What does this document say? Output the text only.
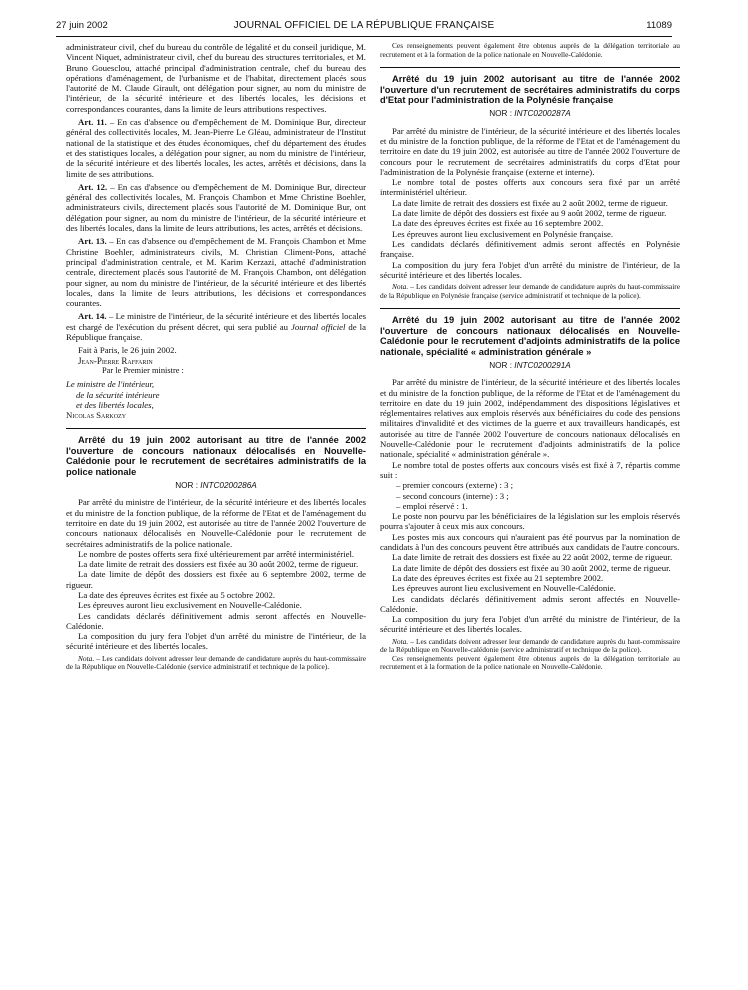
27 juin 2002	JOURNAL OFFICIEL DE LA RÉPUBLIQUE FRANÇAISE	11089

administrateur civil, chef du bureau du contrôle de légalité et du conseil juridique, M. Vincent Niquet, administrateur civil, chef du bureau des structures territoriales, et M. Bruno Gouesclou, attaché principal d'administration centrale, chef du bureau des opérations d'aménagement, de l'urbanisme et de l'habitat, directement placés sous l'autorité de M. Claude Girault, ont délégation pour signer, au nom du ministre de l'intérieur, de la sécurité intérieure et des libertés locales, les décisions et correspondances courantes, dans la limite de leurs attributions respectives.

Art. 11. – En cas d'absence ou d'empêchement de M. Dominique Bur, directeur général des collectivités locales, M. Jean-Pierre Le Gléau, administrateur de l'Institut national de la statistique et des études économiques, chef du département des études et des statistiques locales, a délégation pour signer, au nom du ministre de l'intérieur, de la sécurité intérieure et des libertés locales, les actes, arrêtés et décisions, dans la limite de ses attributions.

Art. 12. – En cas d'absence ou d'empêchement de M. Dominique Bur, directeur général des collectivités locales, M. François Chambon et Mme Christine Boehler, administrateurs civils, directement placés sous l'autorité de M. Dominique Bur, ont délégation pour signer, au nom du ministre de l'intérieur, de la sécurité intérieure et des libertés locales, dans la limite de leurs attributions, les actes, arrêtés et décisions.

Art. 13. – En cas d'absence ou d'empêchement de M. François Chambon et Mme Christine Boehler, administrateurs civils, M. Christian Climent-Pons, attaché principal d'administration centrale, et M. Karim Kerzazi, attaché d'administration centrale, directement placés sous l'autorité de M. François Chambon, ont délégation pour signer, au nom du ministre de l'intérieur, de la sécurité intérieure et des libertés locales, dans la limite de leurs attributions, les décisions et correspondances courantes.

Art. 14. – Le ministre de l'intérieur, de la sécurité intérieure et des libertés locales est chargé de l'exécution du présent décret, qui sera publié au Journal officiel de la République française.

Fait à Paris, le 26 juin 2002.

Jean-Pierre Raffarin

Par le Premier ministre :

Le ministre de l'intérieur,
de la sécurité intérieure
et des libertés locales,
Nicolas Sarkozy

Arrêté du 19 juin 2002 autorisant au titre de l'année 2002 l'ouverture de concours nationaux délocalisés en Nouvelle-Calédonie pour le recrutement de secrétaires administratifs de la police nationale

NOR : INTC0200286A

Par arrêté du ministre de l'intérieur, de la sécurité intérieure et des libertés locales et du ministre de la fonction publique, de la réforme de l'Etat et de l'aménagement du territoire en date du 19 juin 2002, est autorisée au titre de l'année 2002 l'ouverture de concours nationaux délocalisés en Nouvelle-Calédonie pour le recrutement de secrétaires administratifs de la police nationale.

Le nombre de postes offerts sera fixé ultérieurement par arrêté interministériel.

La date limite de retrait des dossiers est fixée au 30 août 2002, terme de rigueur.

La date limite de dépôt des dossiers est fixée au 6 septembre 2002, terme de rigueur.

La date des épreuves écrites est fixée au 5 octobre 2002.

Les épreuves auront lieu exclusivement en Nouvelle-Calédonie.

Les candidats déclarés définitivement admis seront affectés en Nouvelle-Calédonie.

La composition du jury fera l'objet d'un arrêté du ministre de l'intérieur, de la sécurité intérieure et des libertés locales.

Nota. – Les candidats doivent adresser leur demande de candidature auprès du haut-commissaire de la République en Nouvelle-Calédonie (service administratif et technique de la police).

Ces renseignements peuvent également être obtenus auprès de la délégation territoriale au recrutement et à la formation de la police nationale en Nouvelle-Calédonie.

Arrêté du 19 juin 2002 autorisant au titre de l'année 2002 l'ouverture d'un recrutement de secrétaires administratifs du corps d'Etat pour l'administration de la Polynésie française

NOR : INTC0200287A

Par arrêté du ministre de l'intérieur, de la sécurité intérieure et des libertés locales et du ministre de la fonction publique, de la réforme de l'Etat et de l'aménagement du territoire en date du 19 juin 2002, est autorisée au titre de l'année 2002 l'ouverture de concours pour le recrutement de secrétaires administratifs du corps d'Etat pour l'administration de la Polynésie française (externe et interne).

Le nombre total de postes offerts aux concours sera fixé par un arrêté interministériel ultérieur.

La date limite de retrait des dossiers est fixée au 2 août 2002, terme de rigueur.

La date limite de dépôt des dossiers est fixée au 9 août 2002, terme de rigueur.

La date des épreuves écrites est fixée au 16 septembre 2002.

Les épreuves auront lieu exclusivement en Polynésie française.

Les candidats déclarés définitivement admis seront affectés en Polynésie française.

La composition du jury fera l'objet d'un arrêté du ministre de l'intérieur, de la sécurité intérieure et des libertés locales.

Nota. – Les candidats doivent adresser leur demande de candidature auprès du haut-commissaire de la République en Polynésie française (service administratif et technique de la police).

Arrêté du 19 juin 2002 autorisant au titre de l'année 2002 l'ouverture de concours nationaux délocalisés en Nouvelle-Calédonie pour le recrutement d'adjoints administratifs de la police nationale, spécialité « administration générale »

NOR : INTC0200291A

Par arrêté du ministre de l'intérieur, de la sécurité intérieure et des libertés locales et du ministre de la fonction publique, de la réforme de l'Etat et de l'aménagement du territoire en date du 19 juin 2002, indépendamment des dispositions législatives et réglementaires relatives aux emplois réservés aux bénéficiaires du code des pensions militaires d'invalidité et des victimes de la guerre et aux travailleurs handicapés, est autorisée au titre de l'année 2002 l'ouverture de concours nationaux délocalisés en Nouvelle-Calédonie pour le recrutement d'adjoints administratifs de la police nationale, spécialité « administration générale ».

Le nombre total de postes offerts aux concours visés est fixé à 7, répartis comme suit :

– premier concours (externe) : 3 ;
– second concours (interne) : 3 ;
– emploi réservé : 1.

Le poste non pourvu par les bénéficiaires de la législation sur les emplois réservés pourra s'ajouter à ceux mis aux concours.

Les postes mis aux concours qui n'auraient pas été pourvus par la nomination de candidats à l'un des concours peuvent être attribués aux candidats de l'autre concours.

La date limite de retrait des dossiers est fixée au 22 août 2002, terme de rigueur.

La date limite de dépôt des dossiers est fixée au 30 août 2002, terme de rigueur.

La date des épreuves écrites est fixée au 21 septembre 2002.

Les épreuves auront lieu exclusivement en Nouvelle-Calédonie.

Les candidats déclarés définitivement admis seront affectés en Nouvelle-Calédonie.

La composition du jury fera l'objet d'un arrêté du ministre de l'intérieur, de la sécurité intérieure et des libertés locales.

Nota. – Les candidats doivent adresser leur demande de candidature auprès du haut-commissaire de la République en Nouvelle-calédonie (service administratif et technique de la police).

Ces renseignements peuvent également être obtenus auprès de la délégation territoriale au recrutement et à la formation de la police nationale en Nouvelle-Calédonie.
